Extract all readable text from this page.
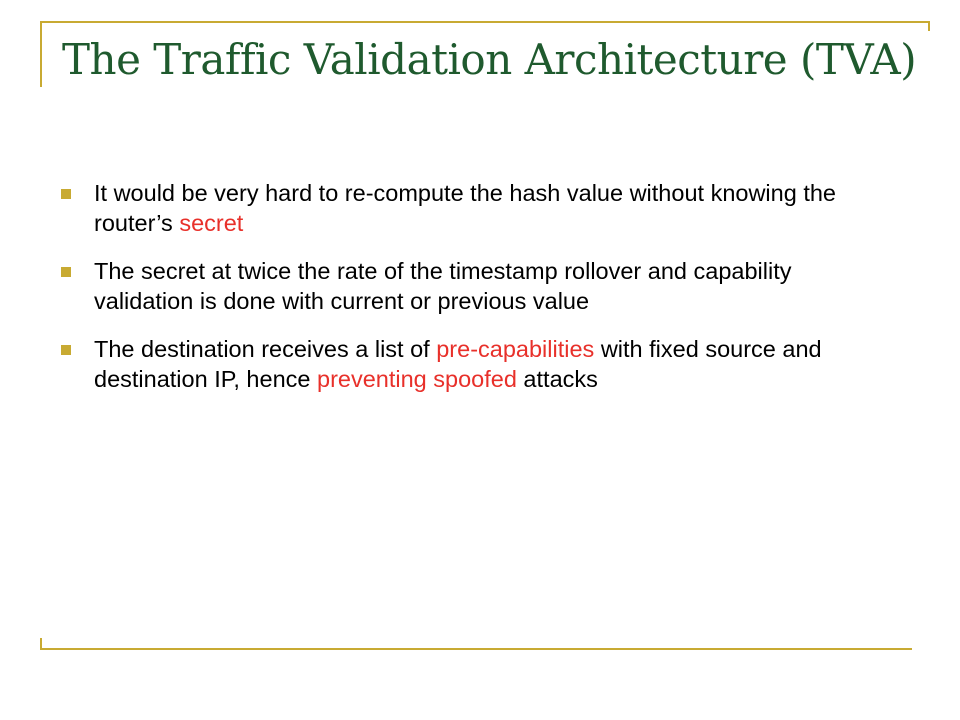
The Traffic Validation Architecture (TVA)
It would be very hard to re-compute the hash value without knowing the router’s secret
The secret at twice the rate of the timestamp rollover and capability validation is done with current or previous value
The destination receives a list of pre-capabilities with fixed source and destination IP, hence preventing spoofed attacks
